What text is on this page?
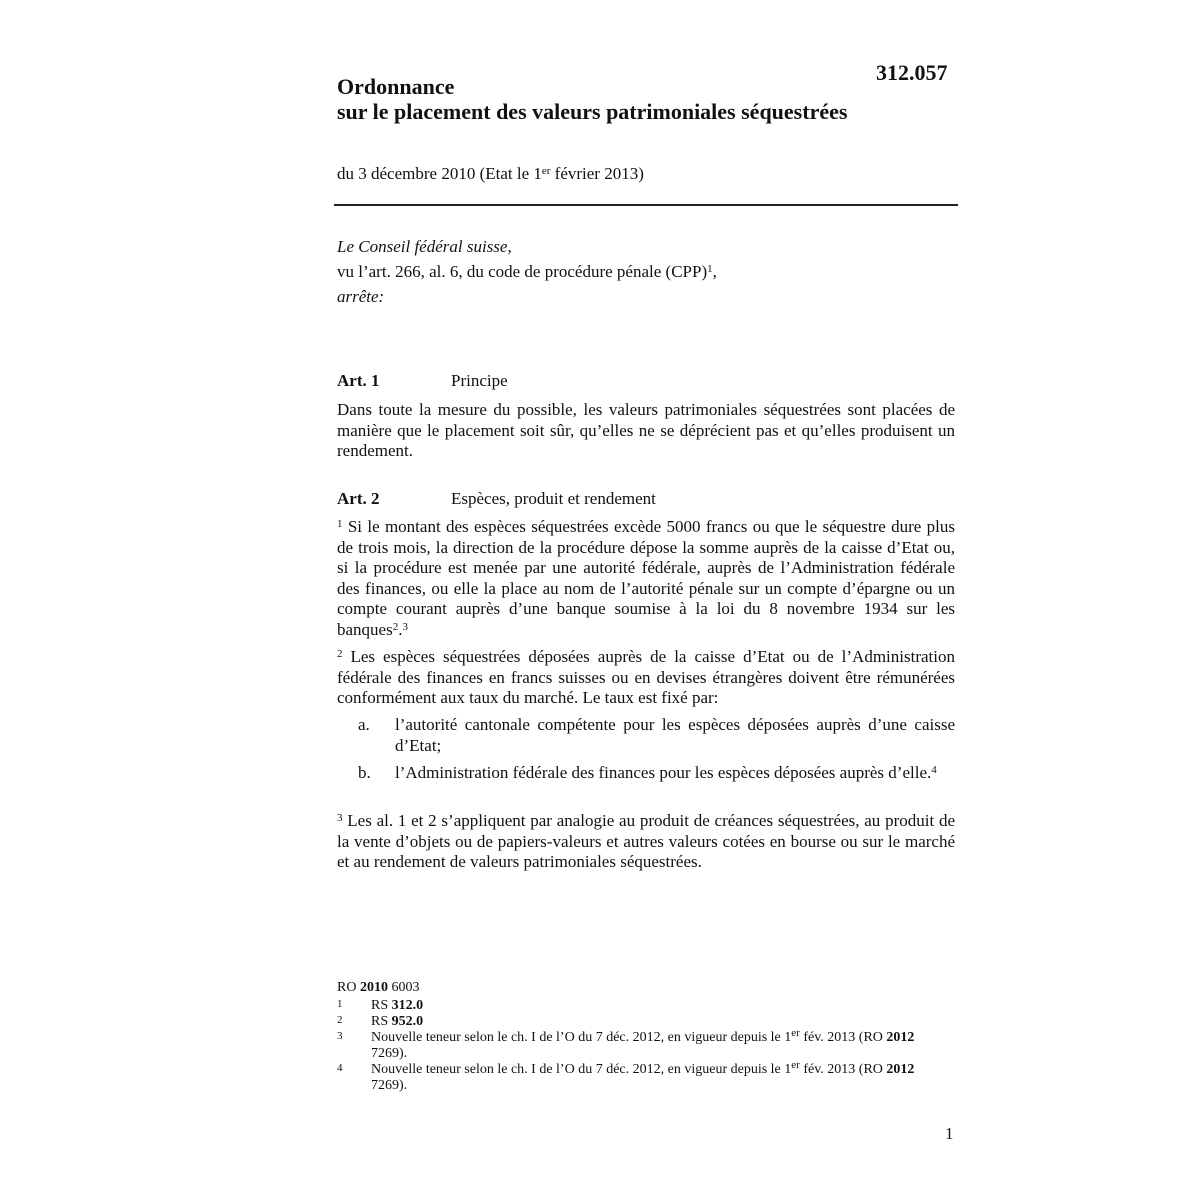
312.057
Ordonnance
sur le placement des valeurs patrimoniales séquestrées
du 3 décembre 2010 (Etat le 1er février 2013)
Le Conseil fédéral suisse,
vu l’art. 266, al. 6, du code de procédure pénale (CPP)$^1$,
arrête:
Art. 1	Principe
Dans toute la mesure du possible, les valeurs patrimoniales séquestrées sont placées de manière que le placement soit sûr, qu’elles ne se déprécient pas et qu’elles produisent un rendement.
Art. 2	Espèces, produit et rendement
$^1$ Si le montant des espèces séquestrées excède 5000 francs ou que le séquestre dure plus de trois mois, la direction de la procédure dépose la somme auprès de la caisse d’Etat ou, si la procédure est menée par une autorité fédérale, auprès de l’Administration fédérale des finances, ou elle la place au nom de l’autorité pénale sur un compte d’épargne ou un compte courant auprès d’une banque soumise à la loi du 8 novembre 1934 sur les banques$^2$.$^3$
$^2$ Les espèces séquestrées déposées auprès de la caisse d’Etat ou de l’Administration fédérale des finances en francs suisses ou en devises étrangères doivent être rémunérées conformément aux taux du marché. Le taux est fixé par:
a. l’autorité cantonale compétente pour les espèces déposées auprès d’une caisse d’Etat;
b. l’Administration fédérale des finances pour les espèces déposées auprès d’elle.$^4$
$^3$ Les al. 1 et 2 s’appliquent par analogie au produit de créances séquestrées, au produit de la vente d’objets ou de papiers-valeurs et autres valeurs cotées en bourse ou sur le marché et au rendement de valeurs patrimoniales séquestrées.
RO 2010 6003
1 RS 312.0
2 RS 952.0
3 Nouvelle teneur selon le ch. I de l’O du 7 déc. 2012, en vigueur depuis le 1er fév. 2013 (RO 2012 7269).
4 Nouvelle teneur selon le ch. I de l’O du 7 déc. 2012, en vigueur depuis le 1er fév. 2013 (RO 2012 7269).
1
